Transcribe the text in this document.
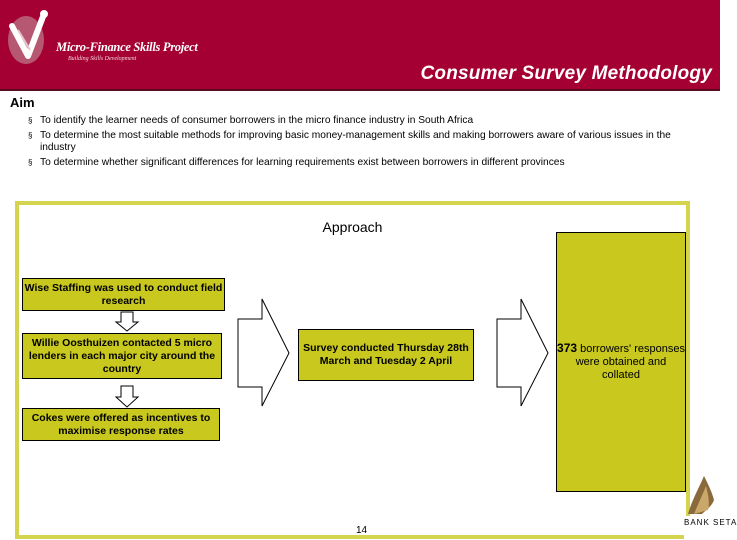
Micro-Finance Skills Project
Building Skills Development
Consumer Survey Methodology
Aim
§ To identify the learner needs of consumer borrowers in the micro finance industry in South Africa
§ To determine the most suitable methods for improving basic money-management skills and making borrowers aware of various issues in the industry
§ To determine whether significant differences for learning requirements exist between borrowers in different provinces
Approach
Wise Staffing was used to conduct field research
Willie Oosthuizen contacted 5 micro lenders in each major city around the country
Cokes were offered as incentives to maximise response rates
Survey conducted Thursday 28th March and Tuesday 2 April
373 borrowers' responses were obtained and collated
14
BANK SETA
